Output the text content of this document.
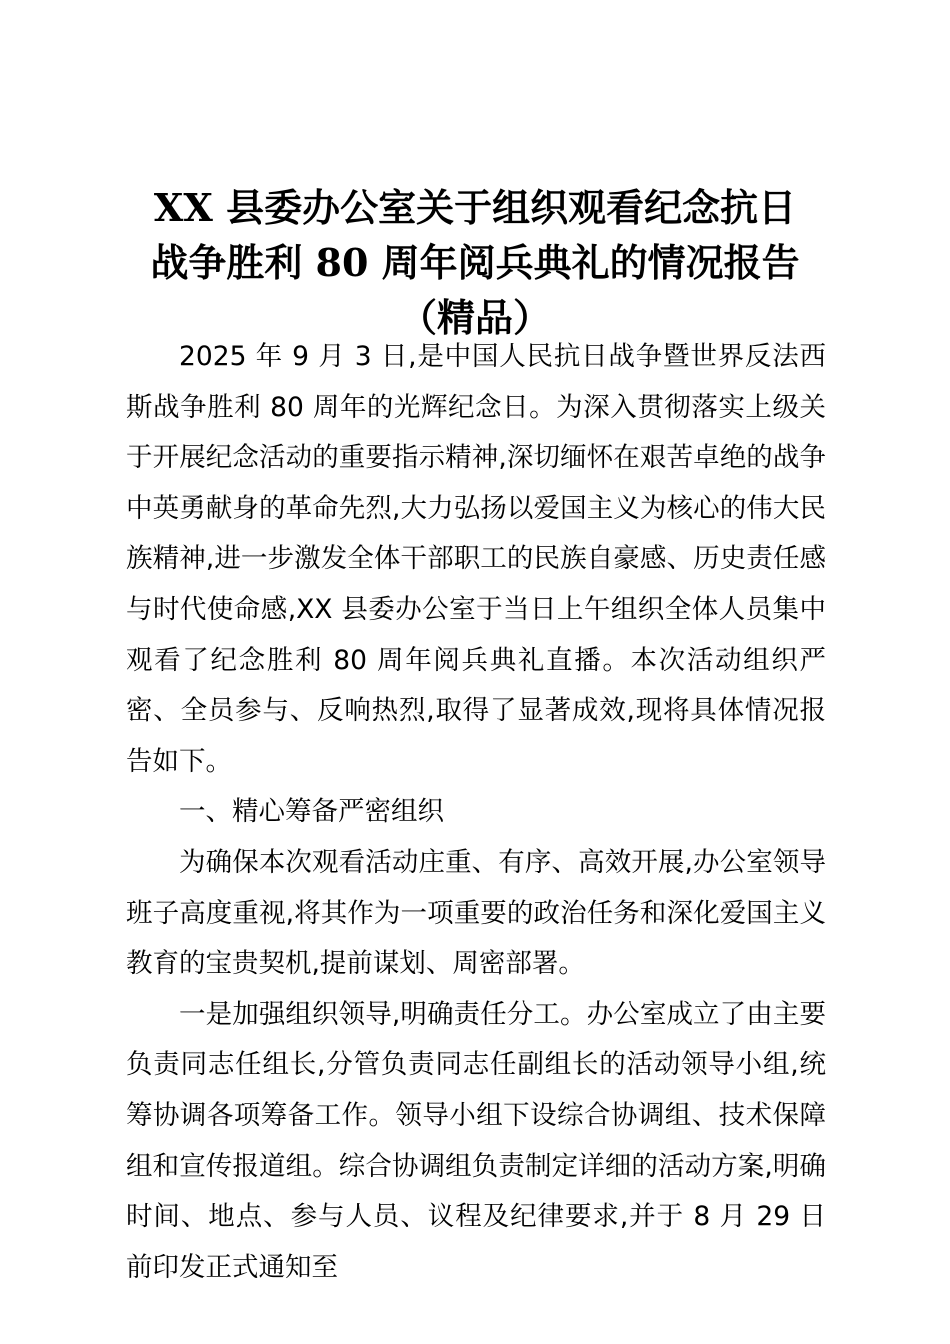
XX 县委办公室关于组织观看纪念抗日
战争胜利 80 周年阅兵典礼的情况报告
（精品）

2025 年 9 月 3 日,是中国人民抗日战争暨世界反法西斯战争胜利 80 周年的光辉纪念日。为深入贯彻落实上级关于开展纪念活动的重要指示精神,深切缅怀在艰苦卓绝的战争中英勇献身的革命先烈,大力弘扬以爱国主义为核心的伟大民族精神,进一步激发全体干部职工的民族自豪感、历史责任感与时代使命感,XX 县委办公室于当日上午组织全体人员集中观看了纪念胜利 80 周年阅兵典礼直播。本次活动组织严密、全员参与、反响热烈,取得了显著成效,现将具体情况报告如下。

一、精心筹备严密组织

为确保本次观看活动庄重、有序、高效开展,办公室领导班子高度重视,将其作为一项重要的政治任务和深化爱国主义教育的宝贵契机,提前谋划、周密部署。

一是加强组织领导,明确责任分工。办公室成立了由主要负责同志任组长,分管负责同志任副组长的活动领导小组,统筹协调各项筹备工作。领导小组下设综合协调组、技术保障组和宣传报道组。综合协调组负责制定详细的活动方案,明确时间、地点、参与人员、议程及纪律要求,并于 8 月 29 日前印发正式通知至
